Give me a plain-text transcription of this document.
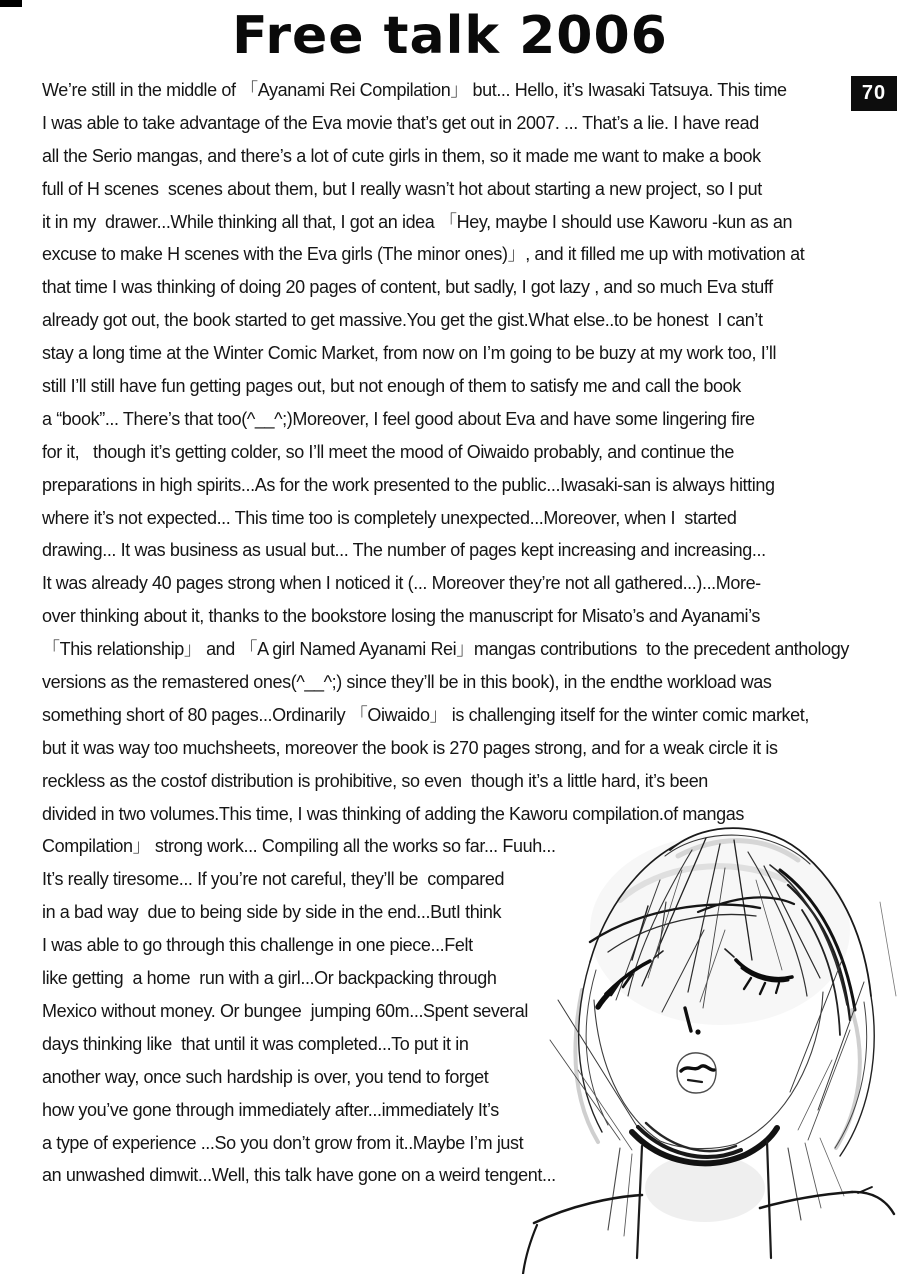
Free talk 2006
70
We’re still in the middle of 「Ayanami Rei Compilation」 but... Hello, it’s Iwasaki Tatsuya. This time
I was able to take advantage of the Eva movie that’s get out in 2007. ... That’s a lie. I have read
all the Serio mangas, and there’s a lot of cute girls in them, so it made me want to make a book
full of H scenes  scenes about them, but I really wasn’t hot about starting a new project, so I put
it in my  drawer...While thinking all that, I got an idea 「Hey, maybe I should use Kaworu -kun as an
excuse to make H scenes with the Eva girls (The minor ones)」, and it filled me up with motivation at
that time I was thinking of doing 20 pages of content, but sadly, I got lazy , and so much Eva stuff
already got out, the book started to get massive.You get the gist.What else..to be honest  I can’t
stay a long time at the Winter Comic Market, from now on I’m going to be buzy at my work too, I’ll
still I’ll still have fun getting pages out, but not enough of them to satisfy me and call the book
a “book”... There’s that too(^__^;)Moreover, I feel good about Eva and have some lingering fire
for it,   though it’s getting colder, so I’ll meet the mood of Oiwaido probably, and continue the
preparations in high spirits...As for the work presented to the public...Iwasaki-san is always hitting
where it’s not expected... This time too is completely unexpected...Moreover, when I  started
drawing... It was business as usual but... The number of pages kept increasing and increasing...
It was already 40 pages strong when I noticed it (... Moreover they’re not all gathered...)...More-
over thinking about it, thanks to the bookstore losing the manuscript for Misato’s and Ayanami’s
「This relationship」 and 「A girl Named Ayanami Rei」mangas contributions  to the precedent anthology
versions as the remastered ones(^__^;) since they’ll be in this book), in the endthe workload was
something short of 80 pages...Ordinarily 「Oiwaido」 is challenging itself for the winter comic market,
but it was way too muchsheets, moreover the book is 270 pages strong, and for a weak circle it is
reckless as the costof distribution is prohibitive, so even  though it’s a little hard, it’s been
divided in two volumes.This time, I was thinking of adding the Kaworu compilation.of mangas
Compilation」 strong work... Compiling all the works so far... Fuuh...
It’s really tiresome... If you’re not careful, they’ll be  compared
in a bad way  due to being side by side in the end...ButI think
I was able to go through this challenge in one piece...Felt
like getting  a home  run with a girl...Or backpacking through
Mexico without money. Or bungee  jumping 60m...Spent several
days thinking like  that until it was completed...To put it in
another way, once such hardship is over, you tend to forget
how you’ve gone through immediately after...immediately It’s
a type of experience ...So you don’t grow from it..Maybe I’m just
an unwashed dimwit...Well, this talk have gone on a weird tengent...
